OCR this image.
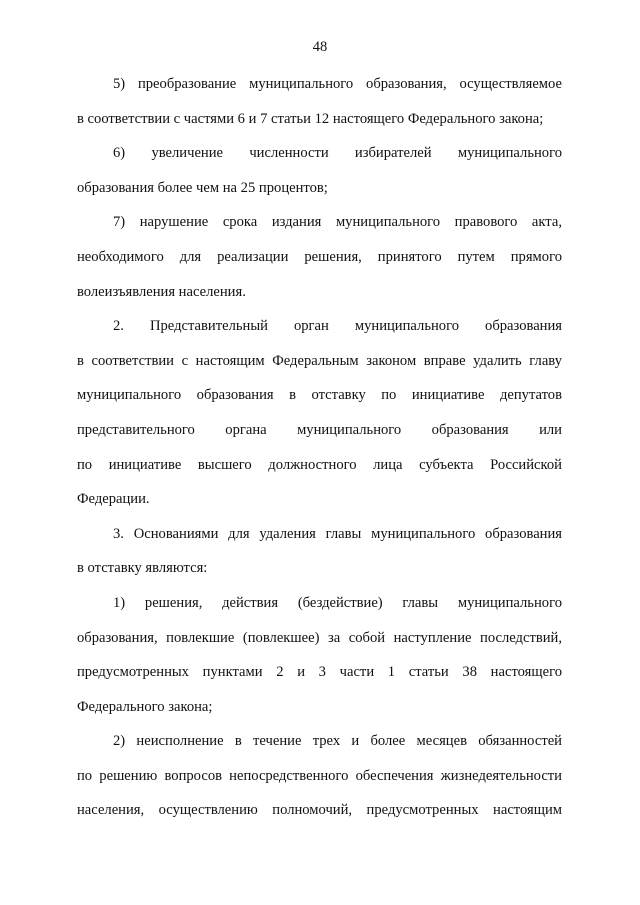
48
5) преобразование муниципального образования, осуществляемое
в соответствии с частями 6 и 7 статьи 12 настоящего Федерального закона;
6) увеличение численности избирателей муниципального
образования более чем на 25 процентов;
7) нарушение срока издания муниципального правового акта,
необходимого для реализации решения, принятого путем прямого
волеизъявления населения.
2. Представительный орган муниципального образования
в соответствии с настоящим Федеральным законом вправе удалить главу
муниципального образования в отставку по инициативе депутатов
представительного органа муниципального образования или
по инициативе высшего должностного лица субъекта Российской
Федерации.
3. Основаниями для удаления главы муниципального образования
в отставку являются:
1) решения, действия (бездействие) главы муниципального
образования, повлекшие (повлекшее) за собой наступление последствий,
предусмотренных пунктами 2 и 3 части 1 статьи 38 настоящего
Федерального закона;
2) неисполнение в течение трех и более месяцев обязанностей
по решению вопросов непосредственного обеспечения жизнедеятельности
населения, осуществлению полномочий, предусмотренных настоящим
